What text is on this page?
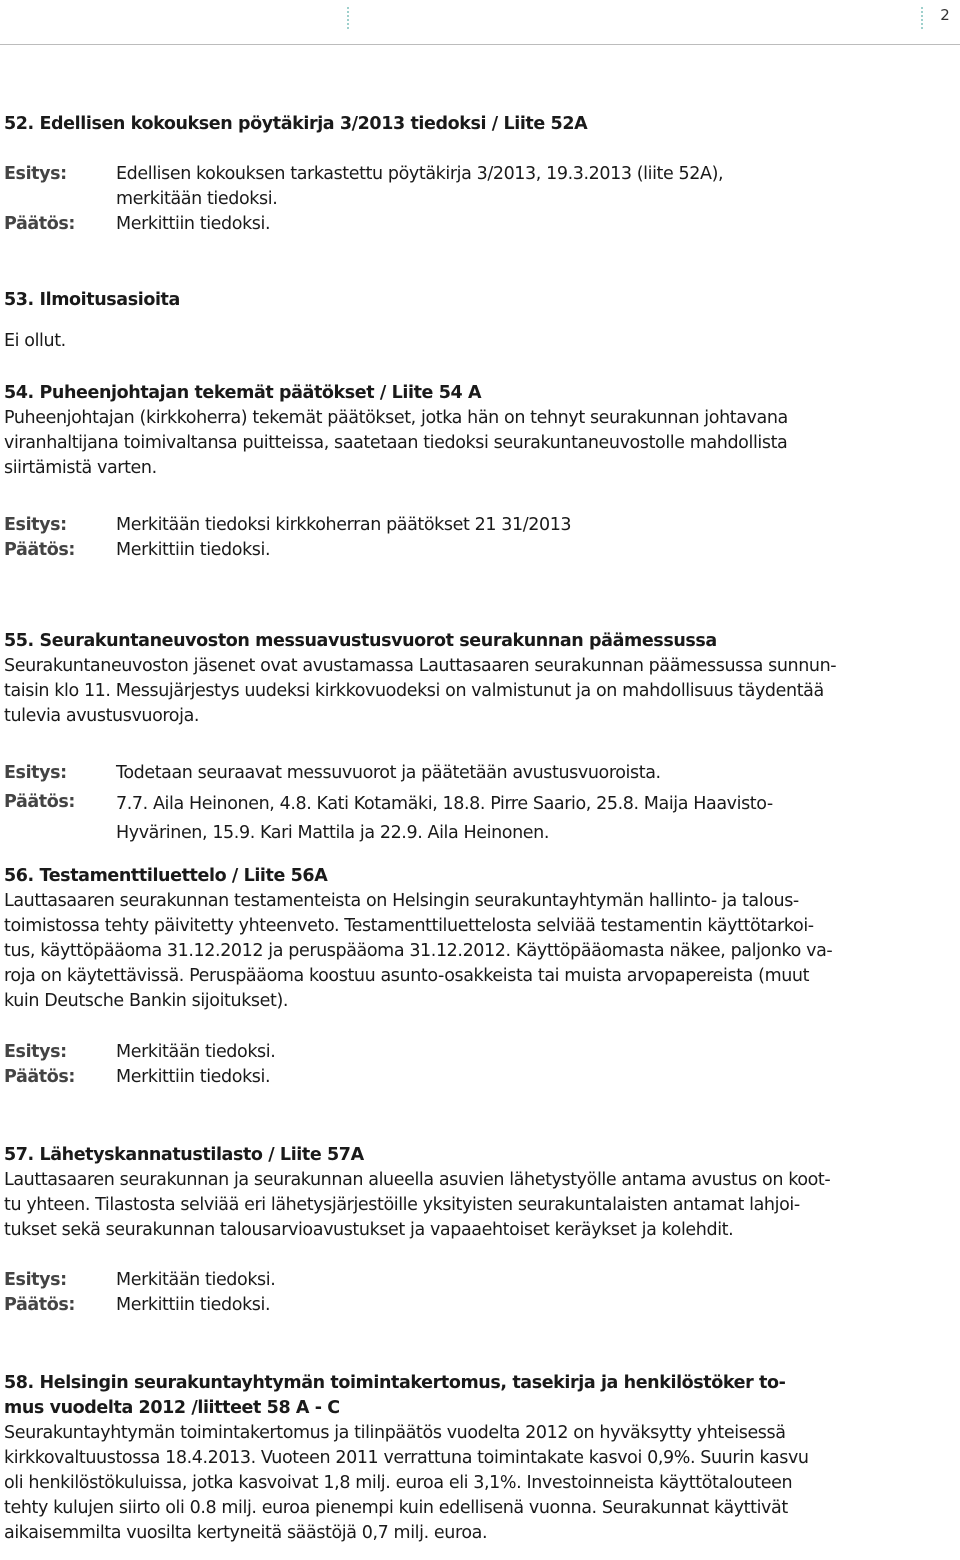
2
52. Edellisen kokouksen pöytäkirja 3/2013 tiedoksi / Liite 52A
Esitys:	Edellisen kokouksen tarkastettu pöytäkirja 3/2013, 19.3.2013 (liite 52A),
merkitään tiedoksi.
Päätös:	Merkittiin tiedoksi.
53. Ilmoitusasioita
Ei ollut.
54. Puheenjohtajan tekemät päätökset / Liite 54 A
Puheenjohtajan (kirkkoherra) tekemät päätökset, jotka hän on tehnyt seurakunnan johtavana
viranhaltijana toimivaltansa puitteissa, saatetaan tiedoksi seurakuntaneuvostolle mahdollista
siirtämistä varten.
Esitys:	Merkitään tiedoksi kirkkoherran päätökset 21 31/2013
Päätös:	Merkittiin tiedoksi.
55. Seurakuntaneuvoston messuavustusvuorot seurakunnan päämessussa
Seurakuntaneuvoston jäsenet ovat avustamassa Lauttasaaren seurakunnan päämessussa sunnun-
taisin klo 11. Messujärjestys uudeksi kirkkovuodeksi on valmistunut ja on mahdollisuus täydentää
tulevia avustusvuoroja.
Esitys:	Todetaan seuraavat messuvuorot ja päätetään avustusvuoroista.
Päätös:	7.7. Aila Heinonen, 4.8. Kati Kotamäki, 18.8. Pirre Saario, 25.8. Maija Haavisto-
Hyvärinen, 15.9. Kari Mattila ja 22.9. Aila Heinonen.
56. Testamenttiluettelo / Liite 56A
Lauttasaaren seurakunnan testamenteista on Helsingin seurakuntayhtymän hallinto- ja talous-
toimistossa tehty päivitetty yhteenveto. Testamenttiluettelosta selviää testamentin käyttötarkoi-
tus, käyttöpääoma 31.12.2012 ja peruspääoma 31.12.2012. Käyttöpääomasta näkee, paljonko va-
roja on käytettävissä. Peruspääoma koostuu asunto-osakkeista tai muista arvopapereista (muut
kuin Deutsche Bankin sijoitukset).
Esitys:	Merkitään tiedoksi.
Päätös:	Merkittiin tiedoksi.
57. Lähetyskannatustilasto / Liite 57A
Lauttasaaren seurakunnan ja seurakunnan alueella asuvien lähetystyölle antama avustus on koot-
tu yhteen. Tilastosta selviää eri lähetysjärjestöille yksityisten seurakuntalaisten antamat lahjoi-
tukset sekä seurakunnan talousarvioavustukset ja vapaaehtoiset keräykset ja kolehdit.
Esitys:	Merkitään tiedoksi.
Päätös:	Merkittiin tiedoksi.
58. Helsingin seurakuntayhtymän toimintakertomus, tasekirja ja henkilöstöker to-
mus vuodelta 2012 /liitteet 58 A - C
Seurakuntayhtymän toimintakertomus ja tilinpäätös vuodelta 2012 on hyväksytty yhteisessä
kirkkovaltuustossa 18.4.2013. Vuoteen 2011 verrattuna toimintakate kasvoi 0,9%. Suurin kasvu
oli henkilöstökuluissa, jotka kasvoivat 1,8 milj. euroa eli 3,1%. Investoinneista käyttötalouteen
tehty kulujen siirto oli 0.8 milj. euroa pienempi kuin edellisenä vuonna. Seurakunnat käyttivät
aikaisemmilta vuosilta kertyneitä säästöjä 0,7 milj. euroa.
